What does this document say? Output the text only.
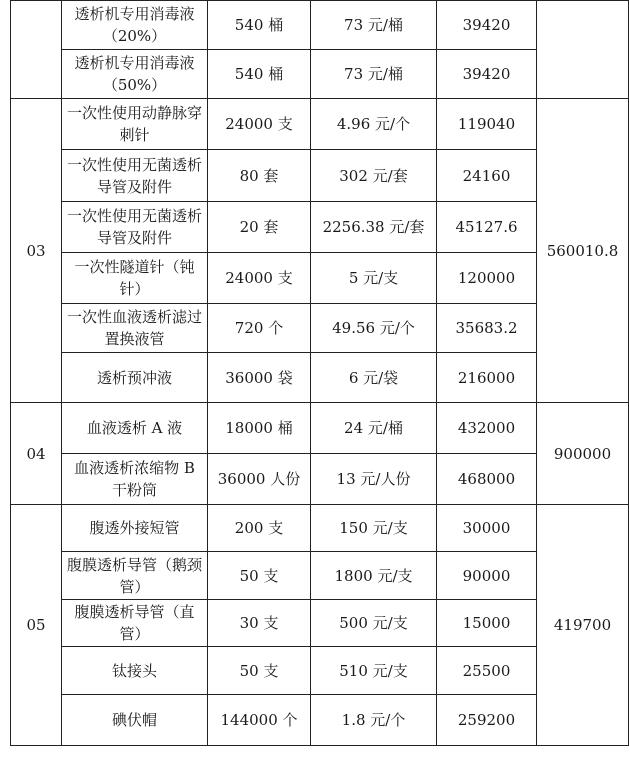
	透析机专用消毒液（20%）	540 桶	73 元/桶	39420	
	透析机专用消毒液（50%）	540 桶	73 元/桶	39420	
03	一次性使用动静脉穿刺针	24000 支	4.96 元/个	119040	560010.8
	一次性使用无菌透析导管及附件	80 套	302 元/套	24160	
	一次性使用无菌透析导管及附件	20 套	2256.38 元/套	45127.6	
	一次性隧道针（钝针）	24000 支	5 元/支	120000	
	一次性血液透析滤过置换液管	720 个	49.56 元/个	35683.2	
	透析预冲液	36000 袋	6 元/袋	216000	
04	血液透析 A 液	18000 桶	24 元/桶	432000	900000
	血液透析浓缩物 B 干粉筒	36000 人份	13 元/人份	468000	
05	腹透外接短管	200 支	150 元/支	30000	419700
	腹膜透析导管（鹅颈管）	50 支	1800 元/支	90000	
	腹膜透析导管（直管）	30 支	500 元/支	15000	
	钛接头	50 支	510 元/支	25500	
	碘伏帽	144000 个	1.8 元/个	259200	
